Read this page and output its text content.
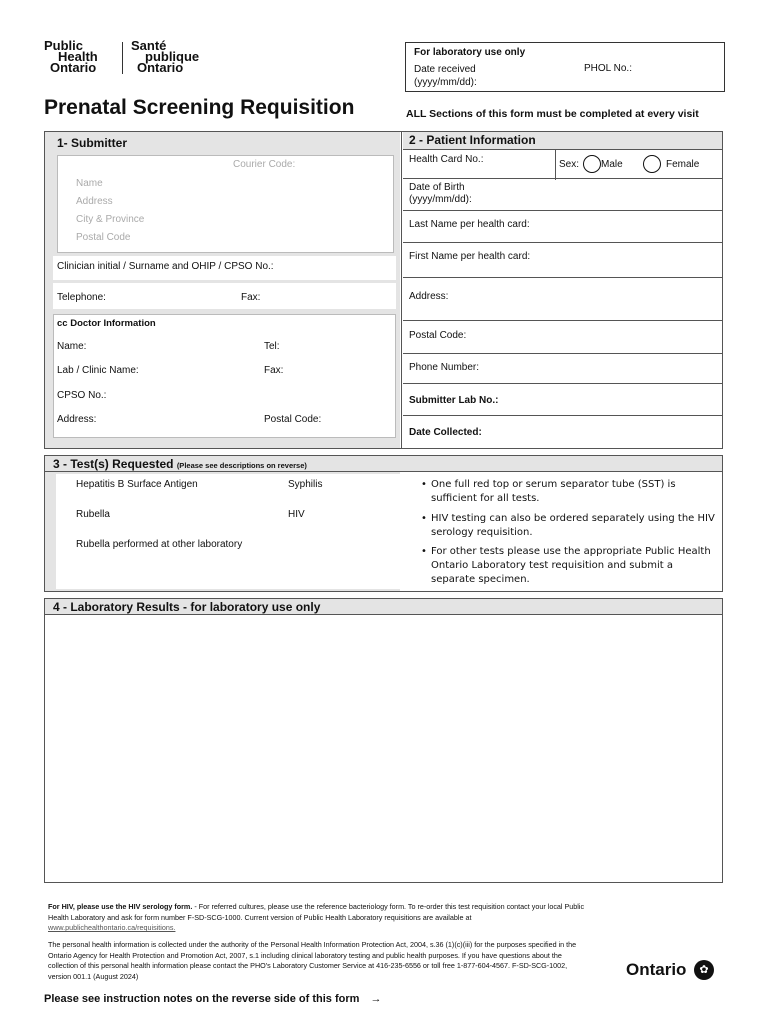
Public
Health
Ontario
Santé
publique
Ontario
For laboratory use only
Date received
(yyyy/mm/dd):
PHOL No.:
Prenatal Screening Requisition	ALL Sections of this form must be completed at every visit
1- Submitter
Courier Code:
Name
Address
City & Province
Postal Code
Clinician initial / Surname and OHIP / CPSO No.:
Telephone:	Fax:
cc Doctor Information
Name:	Tel:
Lab / Clinic Name:	Fax:
CPSO No.:
Address:	Postal Code:
2 - Patient Information
Health Card No.:	Sex: Male	Female
Date of Birth
(yyyy/mm/dd):
Last Name per health card:
First Name per health card:
Address:
Postal Code:
Phone Number:
Submitter Lab No.:
Date Collected:
3 - Test(s) Requested (Please see descriptions on reverse)
Hepatitis B Surface Antigen	Syphilis
Rubella	HIV
Rubella performed at other laboratory
• One full red top or serum separator tube (SST) is sufficient for all tests.
• HIV testing can also be ordered separately using the HIV serology requisition.
• For other tests please use the appropriate Public Health Ontario Laboratory test requisition and submit a separate specimen.
4 - Laboratory Results - for laboratory use only
For HIV, please use the HIV serology form. - For referred cultures, please use the reference bacteriology form. To re-order this test requisition contact your local Public Health Laboratory and ask for form number F-SD-SCG-1000. Current version of Public Health Laboratory requisitions are available at www.publichealthontario.ca/requisitions.
The personal health information is collected under the authority of the Personal Health Information Protection Act, 2004, s.36 (1)(c)(iii) for the purposes specified in the Ontario Agency for Health Protection and Promotion Act, 2007, s.1 including clinical laboratory testing and public health purposes. If you have questions about the collection of this personal health information please contact the PHO's Laboratory Customer Service at 416-235-6556 or toll free 1-877-604-4567. F-SD-SCG-1002, version 001.1 (August 2024)	Ontario	✿
Please see instruction notes on the reverse side of this form →
